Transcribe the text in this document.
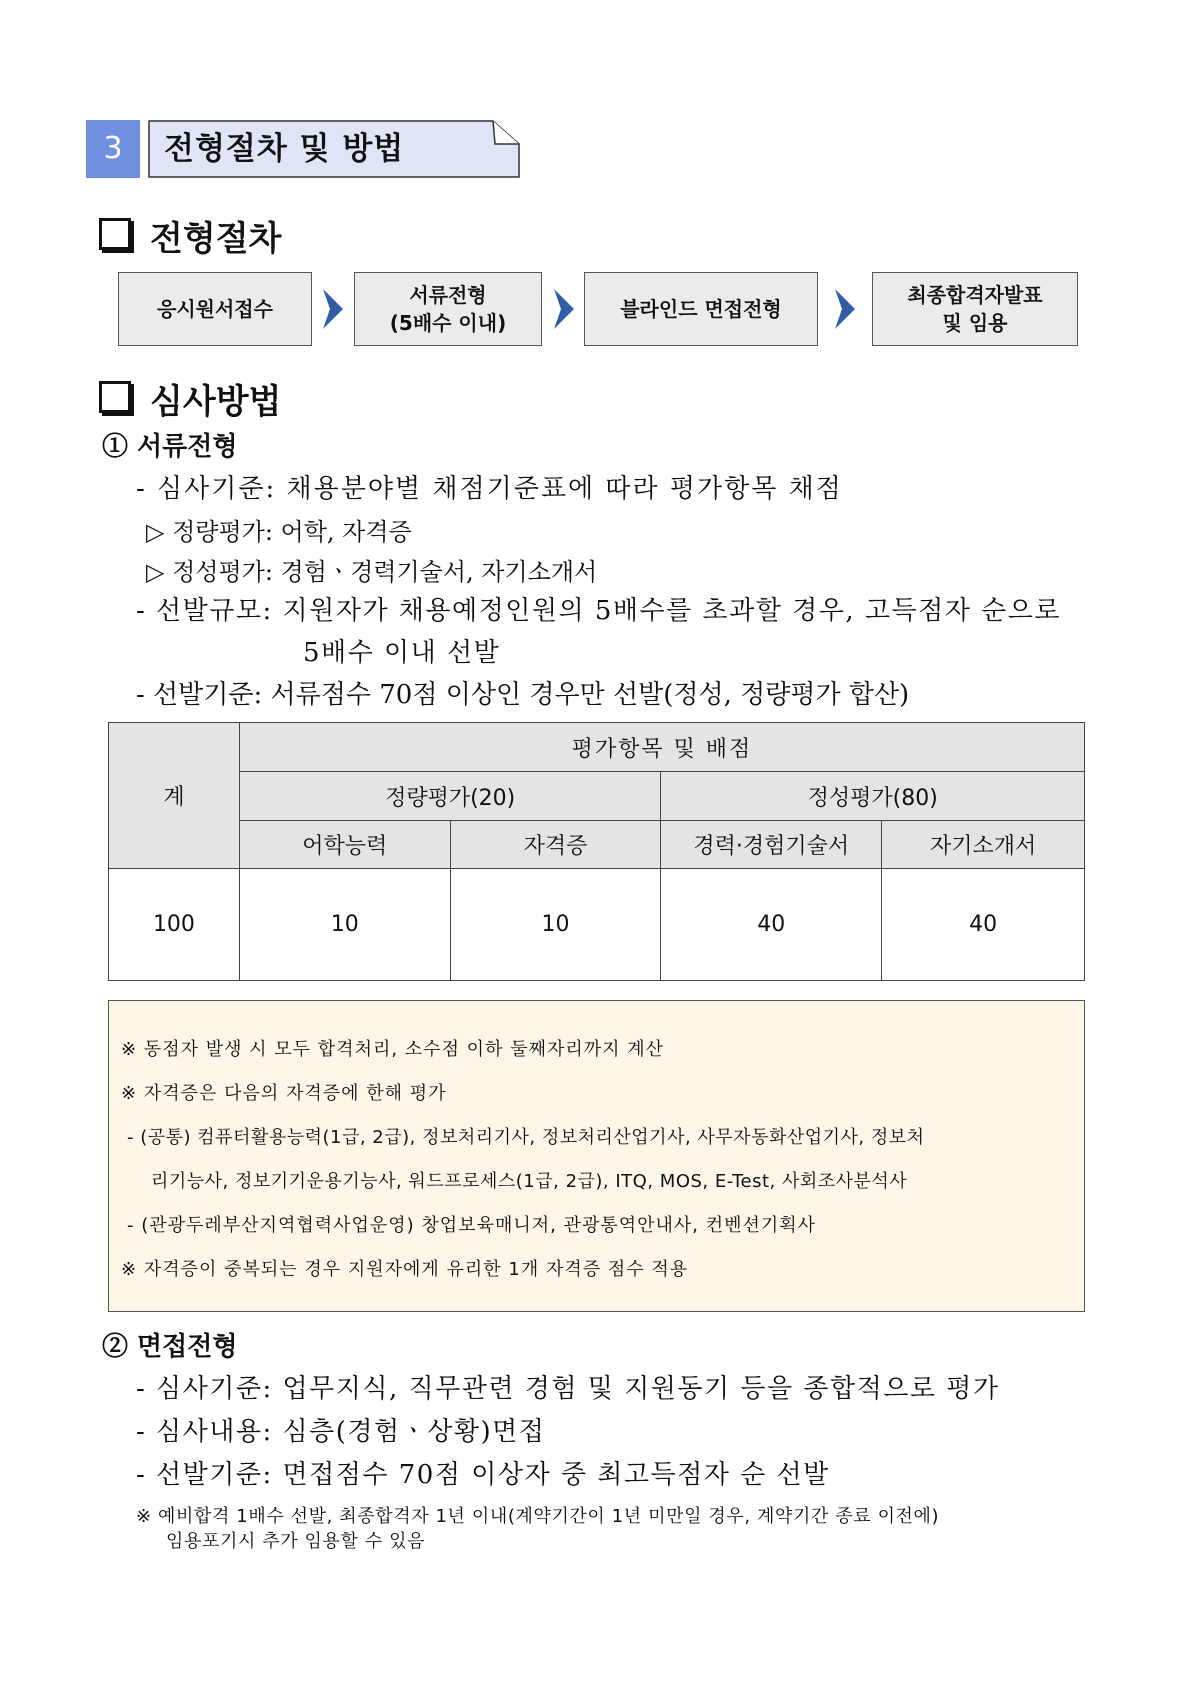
3	전형절차 및 방법
전형절차
응시원서접수
서류전형
(5배수 이내)
블라인드 면접전형
최종합격자발표
및 임용
심사방법
① 서류전형
- 심사기준: 채용분야별 채점기준표에 따라 평가항목 채점
▷ 정량평가: 어학, 자격증
▷ 정성평가: 경험ㆍ경력기술서, 자기소개서
- 선발규모: 지원자가 채용예정인원의 5배수를 초과할 경우, 고득점자 순으로
5배수 이내 선발
- 선발기준: 서류점수 70점 이상인 경우만 선발(정성, 정량평가 합산)
계	평가항목 및 배점			
	정량평가(20)		정성평가(80)	
	어학능력	자격증	경력·경험기술서	자기소개서
100	10	10	40	40
※ 동점자 발생 시 모두 합격처리, 소수점 이하 둘째자리까지 계산
※ 자격증은 다음의 자격증에 한해 평가
- (공통) 컴퓨터활용능력(1급, 2급), 정보처리기사, 정보처리산업기사, 사무자동화산업기사, 정보처
리기능사, 정보기기운용기능사, 워드프로세스(1급, 2급), ITQ, MOS, E-Test, 사회조사분석사
- (관광두레부산지역협력사업운영) 창업보육매니저, 관광통역안내사, 컨벤션기획사
※ 자격증이 중복되는 경우 지원자에게 유리한 1개 자격증 점수 적용
② 면접전형
- 심사기준: 업무지식, 직무관련 경험 및 지원동기 등을 종합적으로 평가
- 심사내용: 심층(경험ㆍ상황)면접
- 선발기준: 면접점수 70점 이상자 중 최고득점자 순 선발
※ 예비합격 1배수 선발, 최종합격자 1년 이내(계약기간이 1년 미만일 경우, 계약기간 종료 이전에)
임용포기시 추가 임용할 수 있음
